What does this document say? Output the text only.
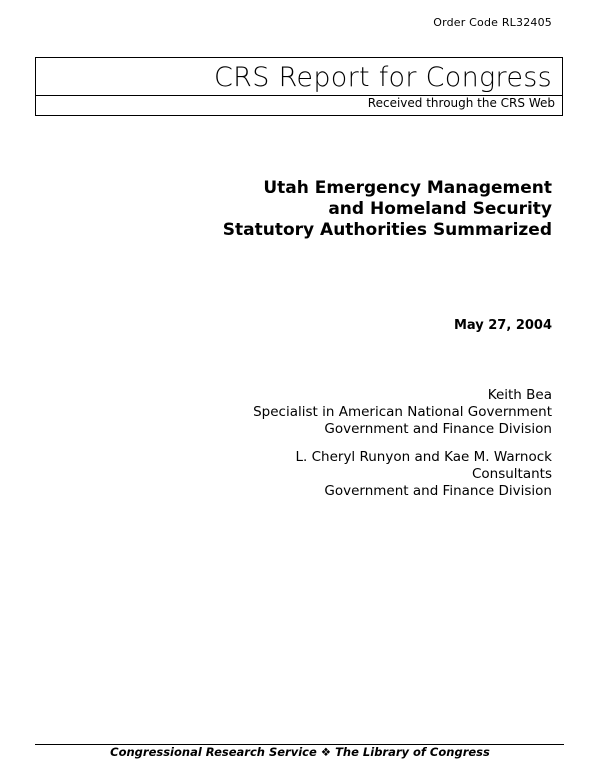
Order Code RL32405
CRS Report for Congress
Received through the CRS Web
Utah Emergency Management
and Homeland Security
Statutory Authorities Summarized
May 27, 2004
Keith Bea
Specialist in American National Government
Government and Finance Division
L. Cheryl Runyon and Kae M. Warnock
Consultants
Government and Finance Division
Congressional Research Service ❖ The Library of Congress
